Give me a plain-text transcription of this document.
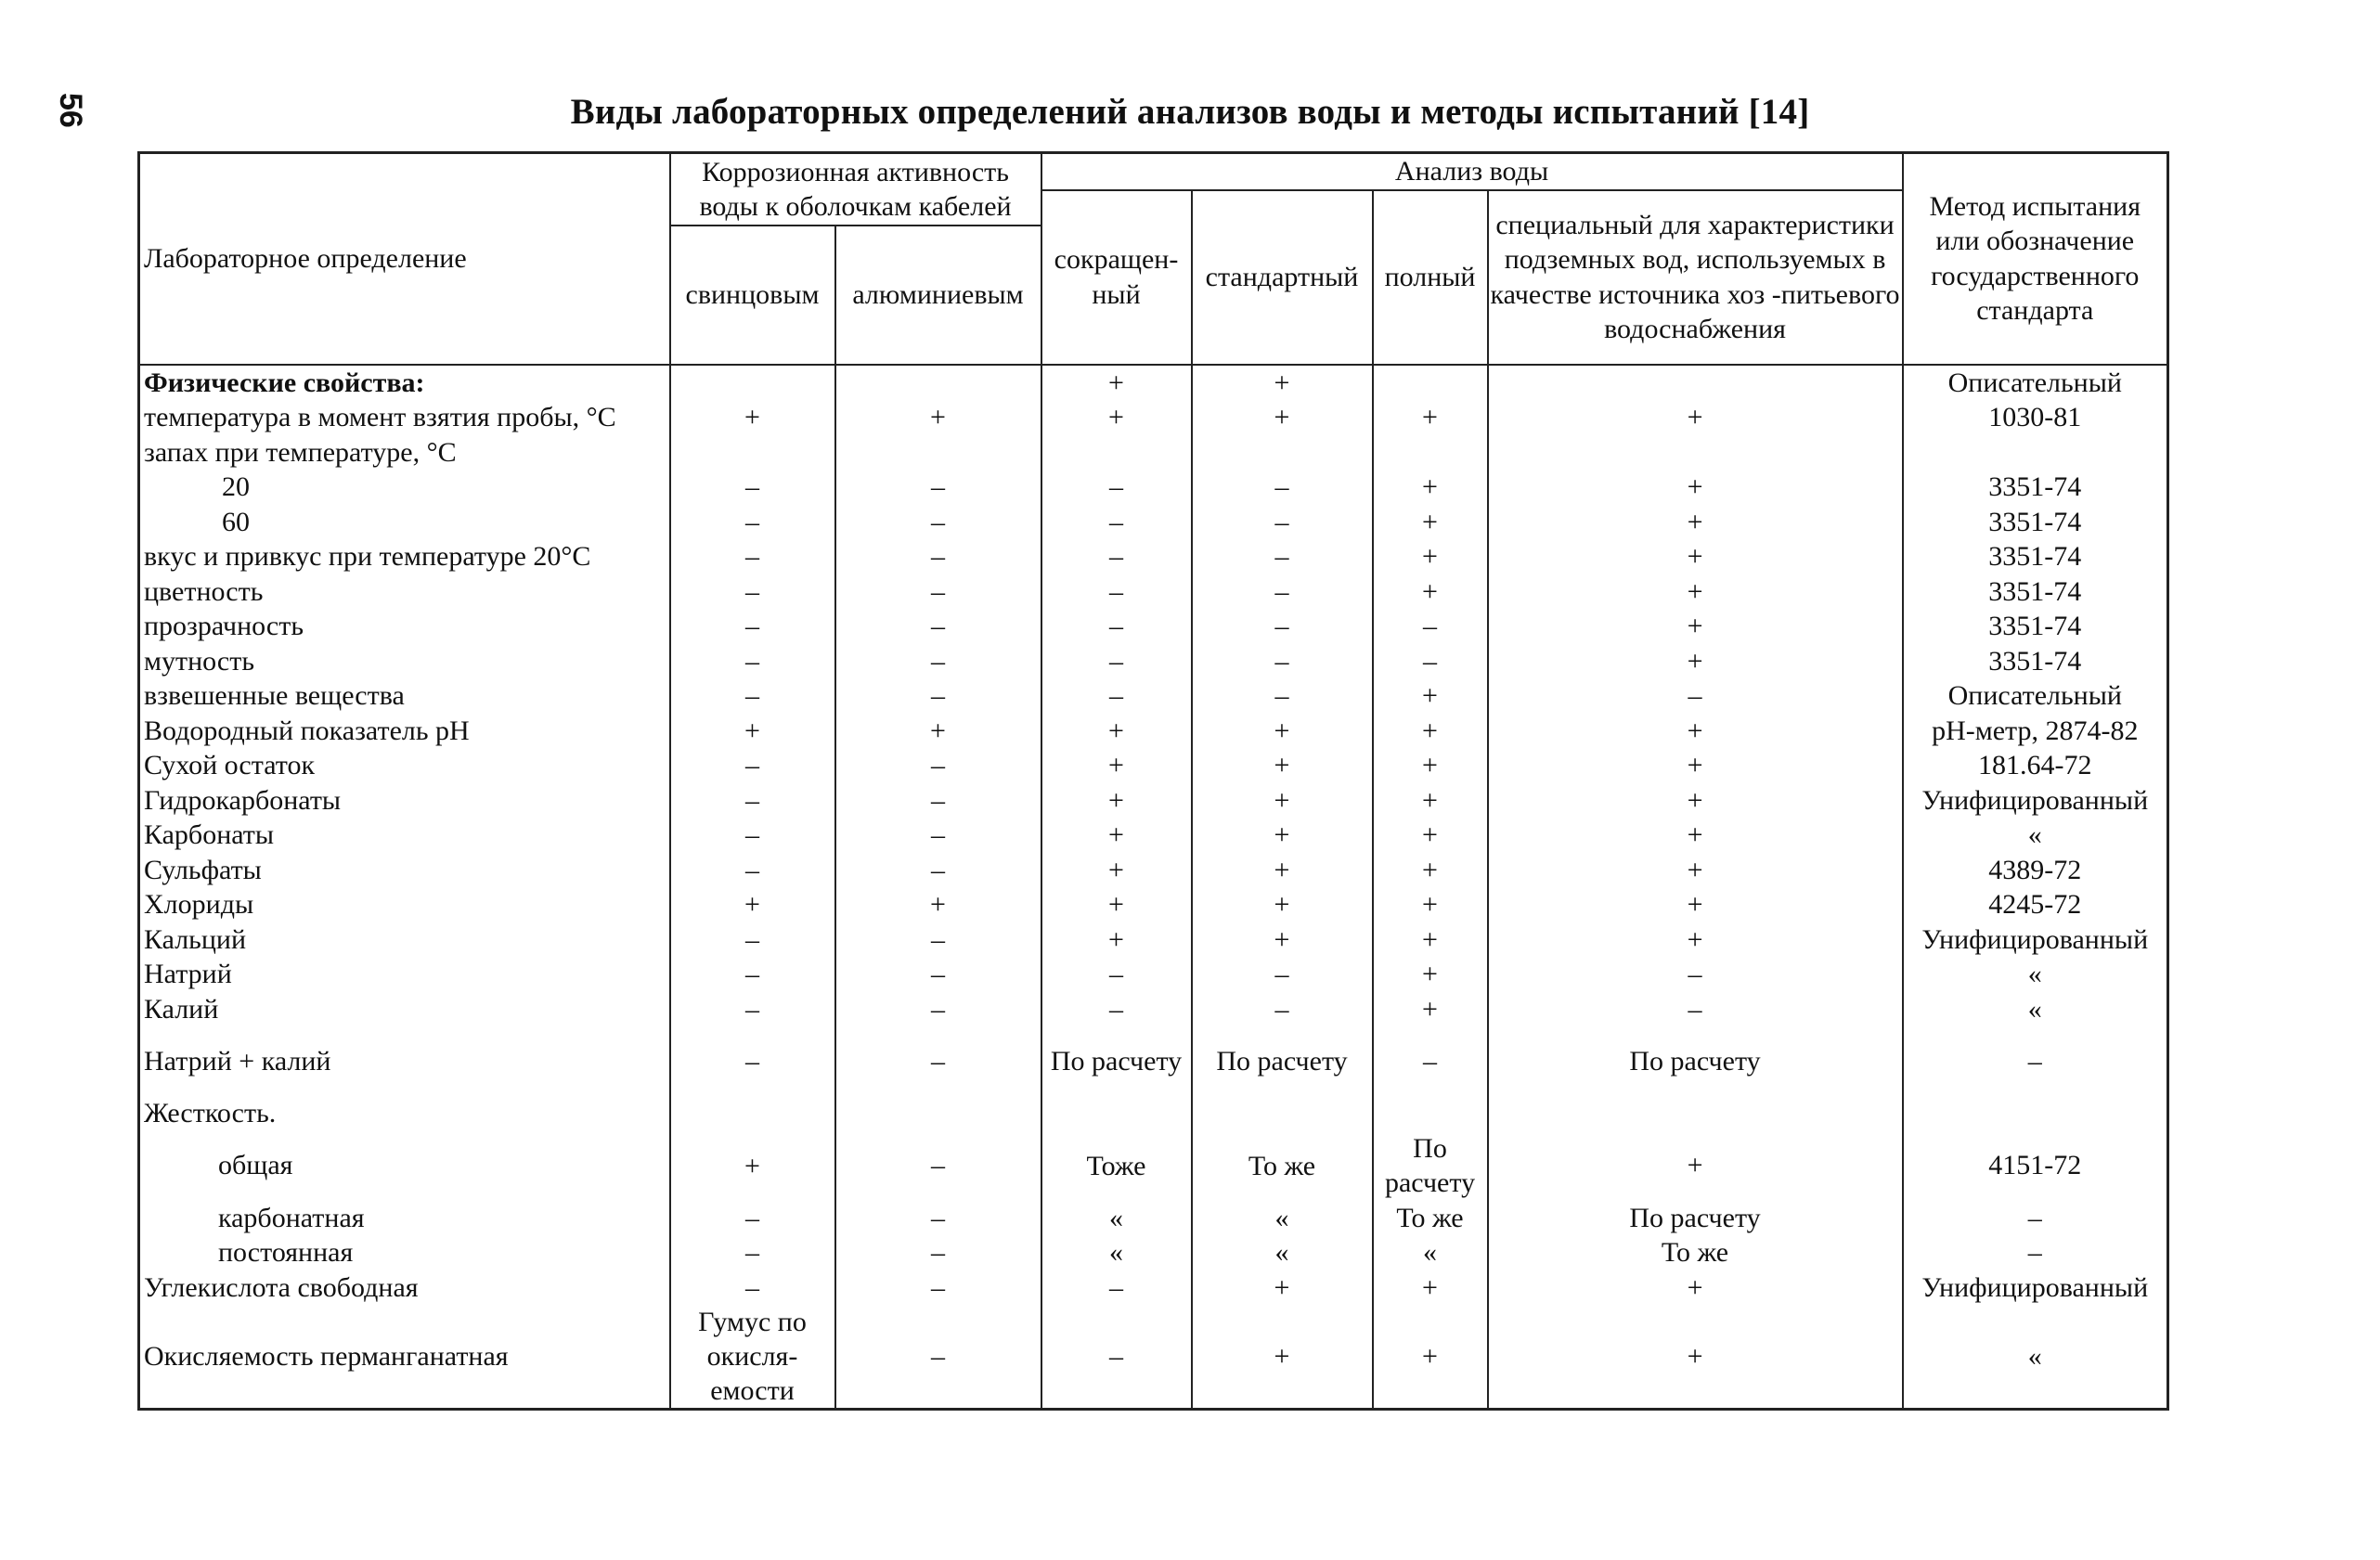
56	Виды лабораторных определений анализов воды и методы испытаний [14]
Лабораторное определение	Коррозионная активность воды к оболочкам кабелей		Анализ воды				Метод испытания или обозначение государственного стандарта
			сокращен-ный	стандартный	полный	специальный для характеристики подземных вод, используемых в качестве источника хоз -питьевого водоснабжения	
	свинцовым	алюминиевым					
Физические свойства:			+	+			Описательный
температура в момент взятия пробы, °C	+	+	+	+	+	+	1030-81
запах при температуре, °C							
20	–	–	–	–	+	+	3351-74
60	–	–	–	–	+	+	3351-74
вкус и привкус при температуре 20°C	–	–	–	–	+	+	3351-74
цветность	–	–	–	–	+	+	3351-74
прозрачность	–	–	–	–	–	+	3351-74
мутность	–	–	–	–	–	+	3351-74
взвешенные вещества	–	–	–	–	+	–	Описательный
Водородный показатель pH	+	+	+	+	+	+	pH-метр, 2874-82
Сухой остаток	–	–	+	+	+	+	181.64-72
Гидрокарбонаты	–	–	+	+	+	+	Унифицированный
Карбонаты	–	–	+	+	+	+	«
Сульфаты	–	–	+	+	+	+	4389-72
Хлориды	+	+	+	+	+	+	4245-72
Кальций	–	–	+	+	+	+	Унифицированный
Натрий	–	–	–	–	+	–	«
Калий	–	–	–	–	+	–	«
Натрий + калий	–	–	По расчету	По расчету	–	По расчету	–
Жесткость.							
общая	+	–	Тоже	То же	По расчету	+	4151-72
карбонатная	–	–	«	«	То же	По расчету	–
постоянная	–	–	«	«	«	То же	–
Углекислота свободная	–	–	–	+	+	+	Унифицированный
Окисляемость перманганатная	Гумус по окисля-емости	–	–	+	+	+	«
